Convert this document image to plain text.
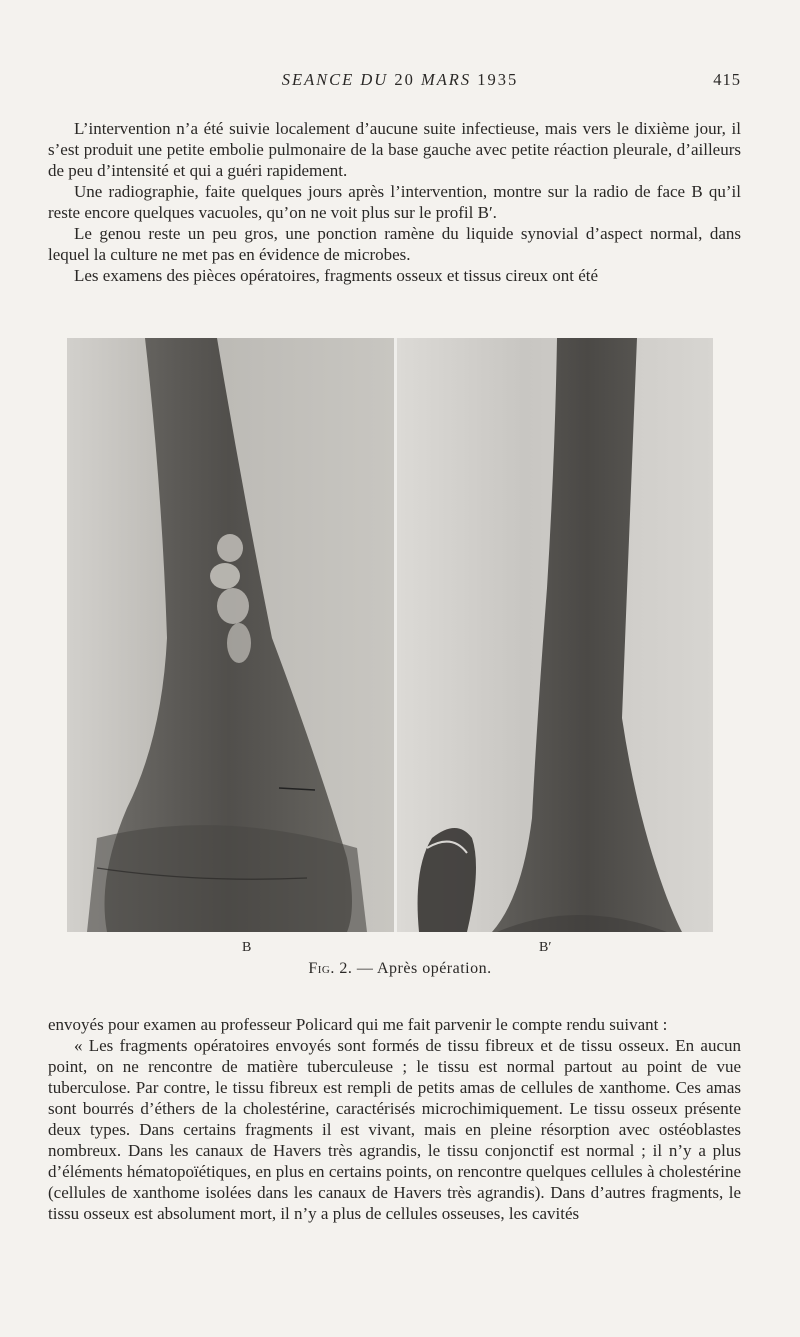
SEANCE DU 20 MARS 1935	415

L’intervention n’a été suivie localement d’aucune suite infectieuse, mais vers le dixième jour, il s’est produit une petite embolie pulmonaire de la base gauche avec petite réaction pleurale, d’ailleurs de peu d’intensité et qui a guéri rapidement.

Une radiographie, faite quelques jours après l’intervention, montre sur la radio de face B qu’il reste encore quelques vacuoles, qu’on ne voit plus sur le profil B′.

Le genou reste un peu gros, une ponction ramène du liquide synovial d’aspect normal, dans lequel la culture ne met pas en évidence de microbes.

Les examens des pièces opératoires, fragments osseux et tissus cireux ont été

B	B′
Fig. 2. — Après opération.

envoyés pour examen au professeur Policard qui me fait parvenir le compte rendu suivant :

« Les fragments opératoires envoyés sont formés de tissu fibreux et de tissu osseux. En aucun point, on ne rencontre de matière tuberculeuse ; le tissu est normal partout au point de vue tuberculose. Par contre, le tissu fibreux est rempli de petits amas de cellules de xanthome. Ces amas sont bourrés d’éthers de la cholestérine, caractérisés microchimiquement. Le tissu osseux présente deux types. Dans certains fragments il est vivant, mais en pleine résorption avec ostéoblastes nombreux. Dans les canaux de Havers très agrandis, le tissu conjonctif est normal ; il n’y a plus d’éléments hématopoïétiques, en plus en certains points, on rencontre quelques cellules à cholestérine (cellules de xanthome isolées dans les canaux de Havers très agrandis). Dans d’autres fragments, le tissu osseux est absolument mort, il n’y a plus de cellules osseuses, les cavités
